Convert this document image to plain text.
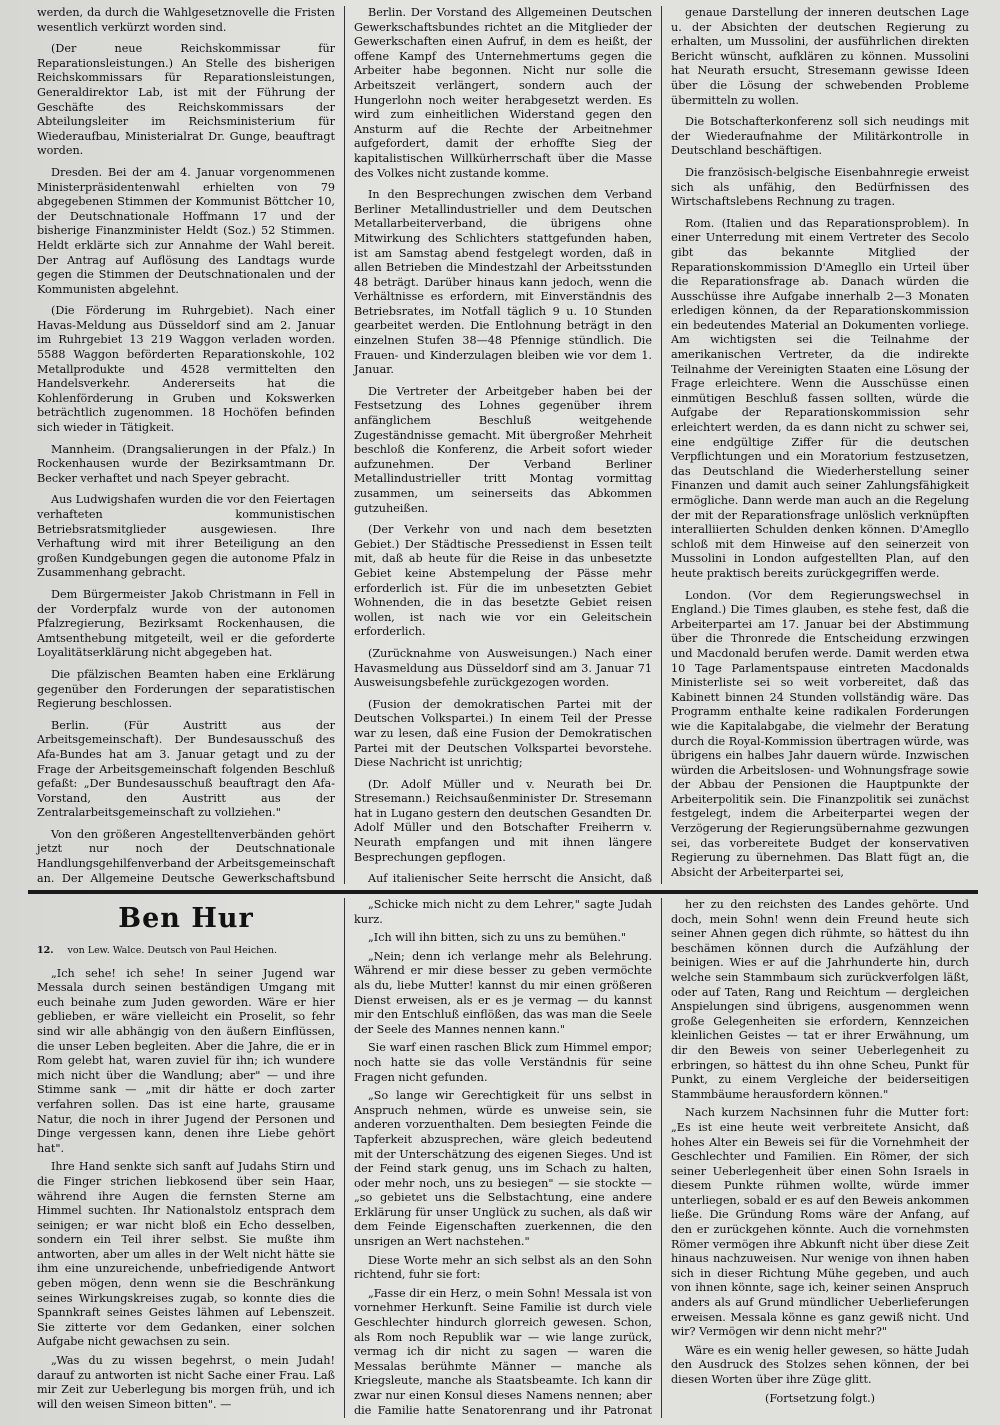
werden, da durch die Wahlgesetznovelle die Fristen wesentlich verkürzt worden sind.

(Der neue Reichskommissar für Reparationsleistungen.) An Stelle des bisherigen Reichskommissars für Reparationsleistungen, Generaldirektor Lab, ist mit der Führung der Geschäfte des Reichskommissars der Abteilungsleiter im Reichsministerium für Wiederaufbau, Ministerialrat Dr. Gunge, beauftragt worden.

Dresden. Bei der am 4. Januar vorgenommenen Ministerpräsidentenwahl erhielten von 79 abgegebenen Stimmen der Kommunist Böttcher 10, der Deutschnationale Hoffmann 17 und der bisherige Finanzminister Heldt (Soz.) 52 Stimmen. Heldt erklärte sich zur Annahme der Wahl bereit. Der Antrag auf Auflösung des Landtags wurde gegen die Stimmen der Deutschnationalen und der Kommunisten abgelehnt.

(Die Förderung im Ruhrgebiet). Nach einer Havas-Meldung aus Düsseldorf sind am 2. Januar im Ruhrgebiet 13 219 Waggon verladen worden. 5588 Waggon beförderten Reparationskohle, 102 Metallprodukte und 4528 vermittelten den Handelsverkehr. Andererseits hat die Kohlenförderung in Gruben und Kokswerken beträchtlich zugenommen. 18 Hochöfen befinden sich wieder in Tätigkeit.

Mannheim. (Drangsalierungen in der Pfalz.) In Rockenhausen wurde der Bezirksamtmann Dr. Becker verhaftet und nach Speyer gebracht.

Aus Ludwigshafen wurden die vor den Feiertagen verhafteten kommunistischen Betriebsratsmitglieder ausgewiesen. Ihre Verhaftung wird mit ihrer Beteiligung an den großen Kundgebungen gegen die autonome Pfalz in Zusammenhang gebracht.

Dem Bürgermeister Jakob Christmann in Fell in der Vorderpfalz wurde von der autonomen Pfalzregierung, Bezirksamt Rockenhausen, die Amtsenthebung mitgeteilt, weil er die geforderte Loyalitätserklärung nicht abgegeben hat.

Die pfälzischen Beamten haben eine Erklärung gegenüber den Forderungen der separatistischen Regierung beschlossen.

Berlin. (Für Austritt aus der Arbeitsgemeinschaft). Der Bundesausschuß des Afa-Bundes hat am 3. Januar getagt und zu der Frage der Arbeitsgemeinschaft folgenden Beschluß gefaßt: „Der Bundesausschuß beauftragt den Afa-Vorstand, den Austritt aus der Zentralarbeitsgemeinschaft zu vollziehen."

Von den größeren Angestelltenverbänden gehört jetzt nur noch der Deutschnationale Handlungsgehilfenverband der Arbeitsgemeinschaft an. Der Allgemeine Deutsche Gewerkschaftsbund

Berlin. Der Vorstand des Allgemeinen Deutschen Gewerkschaftsbundes richtet an die Mitglieder der Gewerkschaften einen Aufruf, in dem es heißt, der offene Kampf des Unternehmertums gegen die Arbeiter habe begonnen. Nicht nur solle die Arbeitszeit verlängert, sondern auch der Hungerlohn noch weiter herabgesetzt werden. Es wird zum einheitlichen Widerstand gegen den Ansturm auf die Rechte der Arbeitnehmer aufgefordert, damit der erhoffte Sieg der kapitalistischen Willkürherrschaft über die Masse des Volkes nicht zustande komme.

In den Besprechungen zwischen dem Verband Berliner Metallindustrieller und dem Deutschen Metallarbeiterverband, die übrigens ohne Mitwirkung des Schlichters stattgefunden haben, ist am Samstag abend festgelegt worden, daß in allen Betrieben die Mindestzahl der Arbeitsstunden 48 beträgt. Darüber hinaus kann jedoch, wenn die Verhältnisse es erfordern, mit Einverständnis des Betriebsrates, im Notfall täglich 9 u. 10 Stunden gearbeitet werden. Die Entlohnung beträgt in den einzelnen Stufen 38—48 Pfennige stündlich. Die Frauen- und Kinderzulagen bleiben wie vor dem 1. Januar.

Die Vertreter der Arbeitgeber haben bei der Festsetzung des Lohnes gegenüber ihrem anfänglichem Beschluß weitgehende Zugeständnisse gemacht. Mit übergroßer Mehrheit beschloß die Konferenz, die Arbeit sofort wieder aufzunehmen. Der Verband Berliner Metallindustrieller tritt Montag vormittag zusammen, um seinerseits das Abkommen gutzuheißen.

(Der Verkehr von und nach dem besetzten Gebiet.) Der Städtische Pressedienst in Essen teilt mit, daß ab heute für die Reise in das unbesetzte Gebiet keine Abstempelung der Pässe mehr erforderlich ist. Für die im unbesetzten Gebiet Wohnenden, die in das besetzte Gebiet reisen wollen, ist nach wie vor ein Geleitschein erforderlich.

(Zurücknahme von Ausweisungen.) Nach einer Havasmeldung aus Düsseldorf sind am 3. Januar 71 Ausweisungsbefehle zurückgezogen worden.

(Fusion der demokratischen Partei mit der Deutschen Volkspartei.) In einem Teil der Presse war zu lesen, daß eine Fusion der Demokratischen Partei mit der Deutschen Volkspartei bevorstehe. Diese Nachricht ist unrichtig;

(Dr. Adolf Müller und v. Neurath bei Dr. Stresemann.) Reichsaußenminister Dr. Stresemann hat in Lugano gestern den deutschen Gesandten Dr. Adolf Müller und den Botschafter Freiherrn v. Neurath empfangen und mit ihnen längere Besprechungen gepflogen.

Auf italienischer Seite herrscht die Ansicht, daß

genaue Darstellung der inneren deutschen Lage u. der Absichten der deutschen Regierung zu erhalten, um Mussolini, der ausführlichen direkten Bericht wünscht, aufklären zu können. Mussolini hat Neurath ersucht, Stresemann gewisse Ideen über die Lösung der schwebenden Probleme übermitteln zu wollen.

Die Botschafterkonferenz soll sich neudings mit der Wiederaufnahme der Militärkontrolle in Deutschland beschäftigen.

Die französisch-belgische Eisenbahnregie erweist sich als unfähig, den Bedürfnissen des Wirtschaftslebens Rechnung zu tragen.

Rom. (Italien und das Reparationsproblem). In einer Unterredung mit einem Vertreter des Secolo gibt das bekannte Mitglied der Reparationskommission D'Amegllo ein Urteil über die Reparationsfrage ab. Danach würden die Ausschüsse ihre Aufgabe innerhalb 2—3 Monaten erledigen können, da der Reparationskommission ein bedeutendes Material an Dokumenten vorliege. Am wichtigsten sei die Teilnahme der amerikanischen Vertreter, da die indirekte Teilnahme der Vereinigten Staaten eine Lösung der Frage erleichtere. Wenn die Ausschüsse einen einmütigen Beschluß fassen sollten, würde die Aufgabe der Reparationskommission sehr erleichtert werden, da es dann nicht zu schwer sei, eine endgültige Ziffer für die deutschen Verpflichtungen und ein Moratorium festzusetzen, das Deutschland die Wiederherstellung seiner Finanzen und damit auch seiner Zahlungsfähigkeit ermögliche. Dann werde man auch an die Regelung der mit der Reparationsfrage unlöslich verknüpften interalliierten Schulden denken können. D'Amegllo schloß mit dem Hinweise auf den seinerzeit von Mussolini in London aufgestellten Plan, auf den heute praktisch bereits zurückgegriffen werde.

London. (Vor dem Regierungswechsel in England.) Die Times glauben, es stehe fest, daß die Arbeiterpartei am 17. Januar bei der Abstimmung über die Thronrede die Entscheidung erzwingen und Macdonald berufen werde. Damit werden etwa 10 Tage Parlamentspause eintreten Macdonalds Ministerliste sei so weit vorbereitet, daß das Kabinett binnen 24 Stunden vollständig wäre. Das Programm enthalte keine radikalen Forderungen wie die Kapitalabgabe, die vielmehr der Beratung durch die Royal-Kommission übertragen würde, was übrigens ein halbes Jahr dauern würde. Inzwischen würden die Arbeitslosen- und Wohnungsfrage sowie der Abbau der Pensionen die Hauptpunkte der Arbeiterpolitik sein. Die Finanzpolitik sei zunächst festgelegt, indem die Arbeiterpartei wegen der Verzögerung der Regierungsübernahme gezwungen sei, das vorbereitete Budget der konservativen Regierung zu übernehmen. Das Blatt fügt an, die Absicht der Arbeiterpartei sei,

Ben Hur
12. von Lew. Walce. Deutsch von Paul Heichen.

„Ich sehe! ich sehe! In seiner Jugend war Messala durch seinen beständigen Umgang mit euch beinahe zum Juden geworden. Wäre er hier geblieben, er wäre vielleicht ein Proselit, so fehr sind wir alle abhängig von den äußern Einflüssen, die unser Leben begleiten. Aber die Jahre, die er in Rom gelebt hat, waren zuviel für ihn; ich wundere mich nicht über die Wandlung; aber" — und ihre Stimme sank — „mit dir hätte er doch zarter verfahren sollen. Das ist eine harte, grausame Natur, die noch in ihrer Jugend der Personen und Dinge vergessen kann, denen ihre Liebe gehört hat".

Ihre Hand senkte sich sanft auf Judahs Stirn und die Finger strichen liebkosend über sein Haar, während ihre Augen die fernsten Sterne am Himmel suchten. Ihr Nationalstolz entsprach dem seinigen; er war nicht bloß ein Echo desselben, sondern ein Teil ihrer selbst. Sie mußte ihm antworten, aber um alles in der Welt nicht hätte sie ihm eine unzureichende, unbefriedigende Antwort geben mögen, denn wenn sie die Beschränkung seines Wirkungskreises zugab, so konnte dies die Spannkraft seines Geistes lähmen auf Lebenszeit. Sie zitterte vor dem Gedanken, einer solchen Aufgabe nicht gewachsen zu sein.

„Was du zu wissen begehrst, o mein Judah! darauf zu antworten ist nicht Sache einer Frau. Laß mir Zeit zur Ueberlegung bis morgen früh, und ich will den weisen Simeon bitten". —

„Schicke mich nicht zu dem Lehrer," sagte Judah kurz.

„Ich will ihn bitten, sich zu uns zu bemühen."

„Nein; denn ich verlange mehr als Belehrung. Während er mir diese besser zu geben vermöchte als du, liebe Mutter! kannst du mir einen größeren Dienst erweisen, als er es je vermag — du kannst mir den Entschluß einflößen, das was man die Seele der Seele des Mannes nennen kann."

Sie warf einen raschen Blick zum Himmel empor; noch hatte sie das volle Verständnis für seine Fragen nicht gefunden.

„So lange wir Gerechtigkeit für uns selbst in Anspruch nehmen, würde es unweise sein, sie anderen vorzuenthalten. Dem besiegten Feinde die Tapferkeit abzusprechen, wäre gleich bedeutend mit der Unterschätzung des eigenen Sieges. Und ist der Feind stark genug, uns im Schach zu halten, oder mehr noch, uns zu besiegen" — sie stockte — „so gebietet uns die Selbstachtung, eine andere Erklärung für unser Unglück zu suchen, als daß wir dem Feinde Eigenschaften zuerkennen, die den unsrigen an Wert nachstehen."

Diese Worte mehr an sich selbst als an den Sohn richtend, fuhr sie fort:

„Fasse dir ein Herz, o mein Sohn! Messala ist von vornehmer Herkunft. Seine Familie ist durch viele Geschlechter hindurch glorreich gewesen. Schon, als Rom noch Republik war — wie lange zurück, vermag ich dir nicht zu sagen — waren die Messalas berühmte Männer — manche als Kriegsleute, manche als Staatsbeamte. Ich kann dir zwar nur einen Konsul dieses Namens nennen; aber die Familie hatte Senatorenrang und ihr Patronat

her zu den reichsten des Landes gehörte. Und doch, mein Sohn! wenn dein Freund heute sich seiner Ahnen gegen dich rühmte, so hättest du ihn beschämen können durch die Aufzählung der beinigen. Wies er auf die Jahrhunderte hin, durch welche sein Stammbaum sich zurückverfolgen läßt, oder auf Taten, Rang und Reichtum — dergleichen Anspielungen sind übrigens, ausgenommen wenn große Gelegenheiten sie erfordern, Kennzeichen kleinlichen Geistes — tat er ihrer Erwähnung, um dir den Beweis von seiner Ueberlegenheit zu erbringen, so hättest du ihn ohne Scheu, Punkt für Punkt, zu einem Vergleiche der beiderseitigen Stammbäume herausfordern können."

Nach kurzem Nachsinnen fuhr die Mutter fort: „Es ist eine heute weit verbreitete Ansicht, daß hohes Alter ein Beweis sei für die Vornehmheit der Geschlechter und Familien. Ein Römer, der sich seiner Ueberlegenheit über einen Sohn Israels in diesem Punkte rühmen wollte, würde immer unterliegen, sobald er es auf den Beweis ankommen ließe. Die Gründung Roms wäre der Anfang, auf den er zurückgehen könnte. Auch die vornehmsten Römer vermögen ihre Abkunft nicht über diese Zeit hinaus nachzuweisen. Nur wenige von ihnen haben sich in dieser Richtung Mühe gegeben, und auch von ihnen könnte, sage ich, keiner seinen Anspruch anders als auf Grund mündlicher Ueberlieferungen erweisen. Messala könne es ganz gewiß nicht. Und wir? Vermögen wir denn nicht mehr?"

Wäre es ein wenig heller gewesen, so hätte Judah den Ausdruck des Stolzes sehen können, der bei diesen Worten über ihre Züge glitt.

(Fortsetzung folgt.)
